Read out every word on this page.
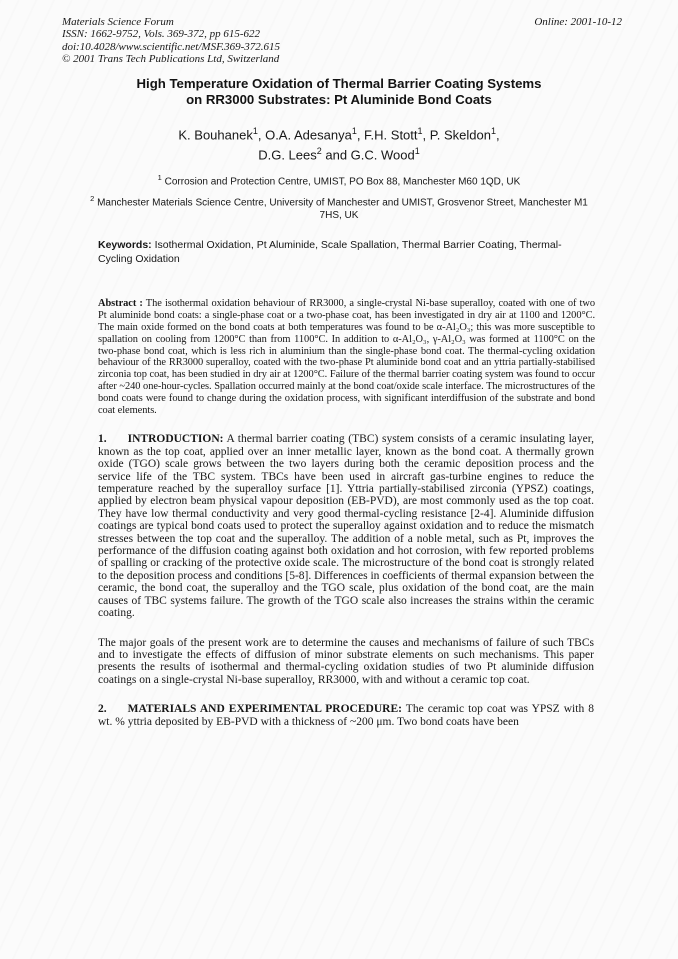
Materials Science Forum
ISSN: 1662-9752, Vols. 369-372, pp 615-622
doi:10.4028/www.scientific.net/MSF.369-372.615
© 2001 Trans Tech Publications Ltd, Switzerland
Online: 2001-10-12
High Temperature Oxidation of Thermal Barrier Coating Systems
on RR3000 Substrates: Pt Aluminide Bond Coats
K. Bouhanek$^1$, O.A. Adesanya$^1$, F.H. Stott$^1$, P. Skeldon$^1$,
D.G. Lees$^2$ and G.C. Wood$^1$
$^1$ Corrosion and Protection Centre, UMIST, PO Box 88, Manchester M60 1QD, UK
$^2$ Manchester Materials Science Centre, University of Manchester and UMIST, Grosvenor Street, Manchester M1 7HS, UK

Keywords: Isothermal Oxidation, Pt Aluminide, Scale Spallation, Thermal Barrier Coating, Thermal-Cycling Oxidation

Abstract : The isothermal oxidation behaviour of RR3000, a single-crystal Ni-base superalloy, coated with one of two Pt aluminide bond coats: a single-phase coat or a two-phase coat, has been investigated in dry air at 1100 and 1200°C. The main oxide formed on the bond coats at both temperatures was found to be α-Al₂O₃; this was more susceptible to spallation on cooling from 1200°C than from 1100°C. In addition to α-Al₂O₃, γ-Al₂O₃ was formed at 1100°C on the two-phase bond coat, which is less rich in aluminium than the single-phase bond coat. The thermal-cycling oxidation behaviour of the RR3000 superalloy, coated with the two-phase Pt aluminide bond coat and an yttria partially-stabilised zirconia top coat, has been studied in dry air at 1200°C. Failure of the thermal barrier coating system was found to occur after ~240 one-hour-cycles. Spallation occurred mainly at the bond coat/oxide scale interface. The microstructures of the bond coats were found to change during the oxidation process, with significant interdiffusion of the substrate and bond coat elements.

1. INTRODUCTION: A thermal barrier coating (TBC) system consists of a ceramic insulating layer, known as the top coat, applied over an inner metallic layer, known as the bond coat. A thermally grown oxide (TGO) scale grows between the two layers during both the ceramic deposition process and the service life of the TBC system. TBCs have been used in aircraft gas-turbine engines to reduce the temperature reached by the superalloy surface [1]. Yttria partially-stabilised zirconia (YPSZ) coatings, applied by electron beam physical vapour deposition (EB-PVD), are most commonly used as the top coat. They have low thermal conductivity and very good thermal-cycling resistance [2-4]. Aluminide diffusion coatings are typical bond coats used to protect the superalloy against oxidation and to reduce the mismatch stresses between the top coat and the superalloy. The addition of a noble metal, such as Pt, improves the performance of the diffusion coating against both oxidation and hot corrosion, with few reported problems of spalling or cracking of the protective oxide scale. The microstructure of the bond coat is strongly related to the deposition process and conditions [5-8]. Differences in coefficients of thermal expansion between the ceramic, the bond coat, the superalloy and the TGO scale, plus oxidation of the bond coat, are the main causes of TBC systems failure. The growth of the TGO scale also increases the strains within the ceramic coating.

The major goals of the present work are to determine the causes and mechanisms of failure of such TBCs and to investigate the effects of diffusion of minor substrate elements on such mechanisms. This paper presents the results of isothermal and thermal-cycling oxidation studies of two Pt aluminide diffusion coatings on a single-crystal Ni-base superalloy, RR3000, with and without a ceramic top coat.

2. MATERIALS AND EXPERIMENTAL PROCEDURE: The ceramic top coat was YPSZ with 8 wt. % yttria deposited by EB-PVD with a thickness of ~200 μm. Two bond coats have been
